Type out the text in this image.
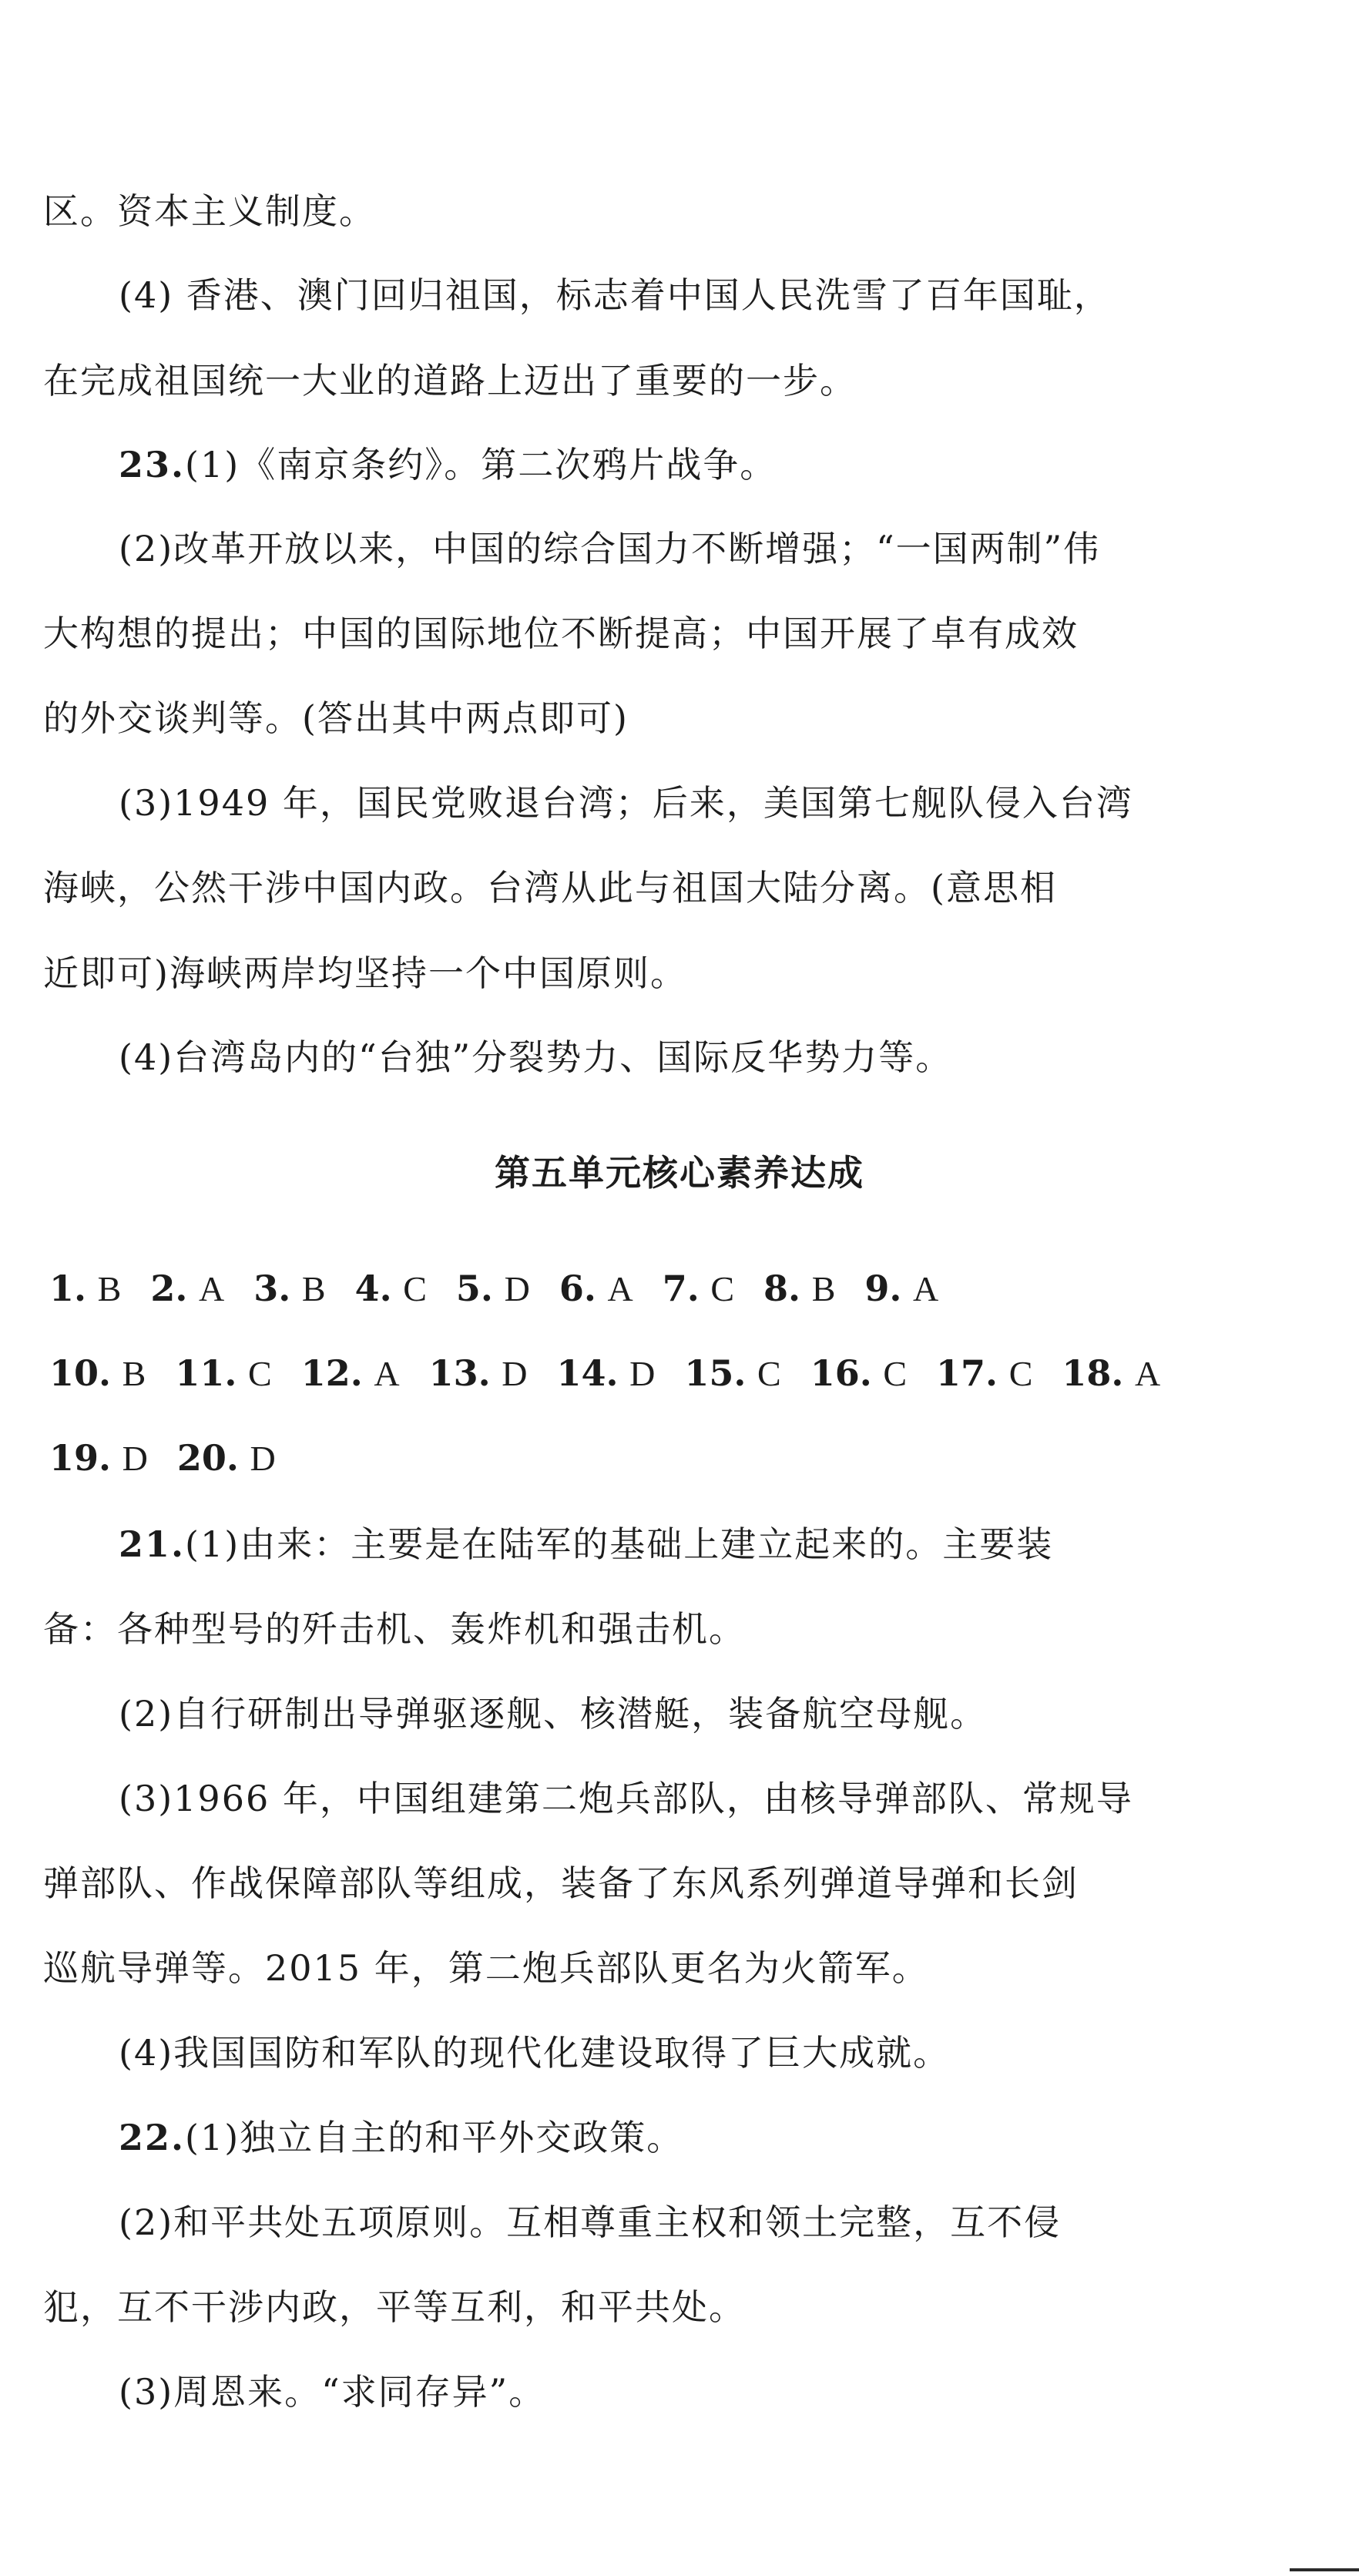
区。资本主义制度。
(4) 香港、澳门回归祖国，标志着中国人民洗雪了百年国耻，
在完成祖国统一大业的道路上迈出了重要的一步。
23.(1)《南京条约》。第二次鸦片战争。
(2)改革开放以来，中国的综合国力不断增强；“一国两制”伟
大构想的提出；中国的国际地位不断提高；中国开展了卓有成效
的外交谈判等。(答出其中两点即可)
(3)1949 年，国民党败退台湾；后来，美国第七舰队侵入台湾
海峡，公然干涉中国内政。台湾从此与祖国大陆分离。(意思相
近即可)海峡两岸均坚持一个中国原则。
(4)台湾岛内的“台独”分裂势力、国际反华势力等。
第五单元核心素养达成
1. B 2. A 3. B 4. C 5. D 6. A 7. C 8. B 9. A
10. B 11. C 12. A 13. D 14. D 15. C 16. C 17. C 18. A
19. D 20. D
21.(1)由来：主要是在陆军的基础上建立起来的。主要装
备：各种型号的歼击机、轰炸机和强击机。
(2)自行研制出导弹驱逐舰、核潜艇，装备航空母舰。
(3)1966 年，中国组建第二炮兵部队，由核导弹部队、常规导
弹部队、作战保障部队等组成，装备了东风系列弹道导弹和长剑
巡航导弹等。2015 年，第二炮兵部队更名为火箭军。
(4)我国国防和军队的现代化建设取得了巨大成就。
22.(1)独立自主的和平外交政策。
(2)和平共处五项原则。互相尊重主权和领土完整，互不侵
犯，互不干涉内政，平等互利，和平共处。
(3)周恩来。“求同存异”。
